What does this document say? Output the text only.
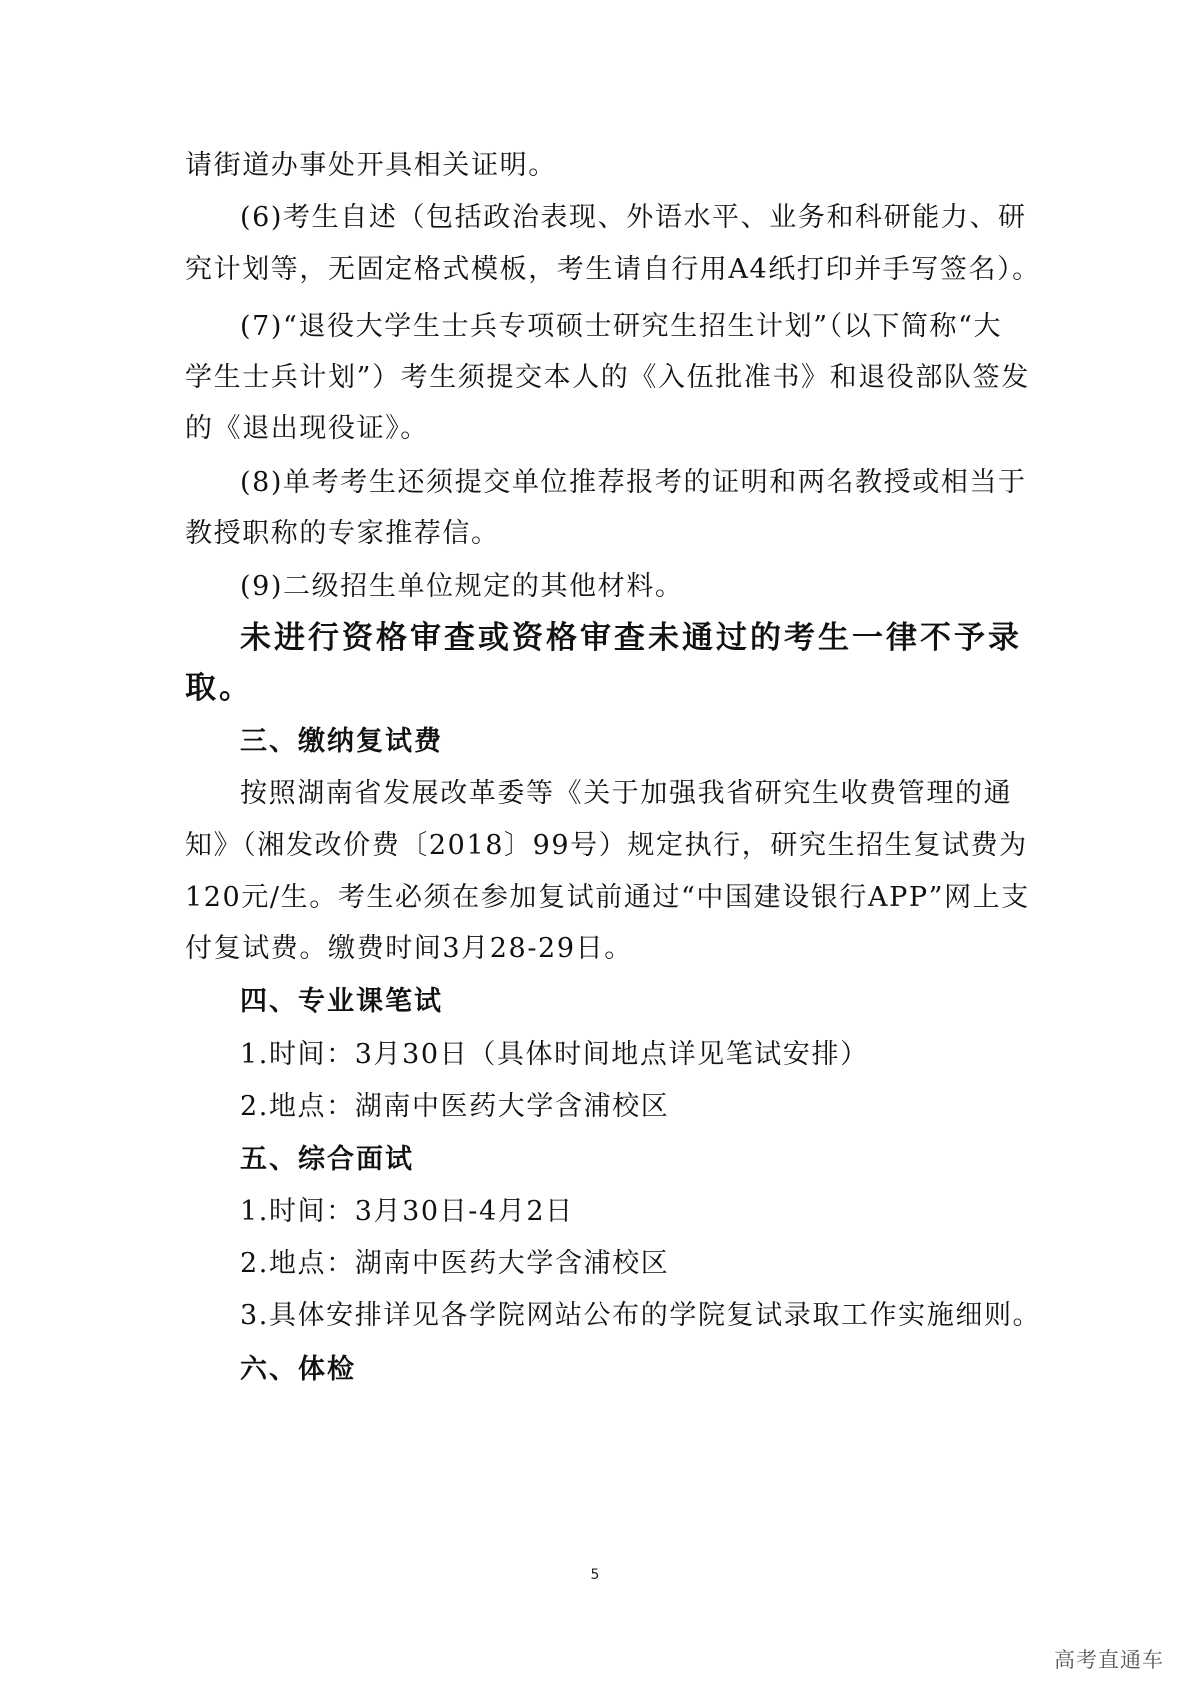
请街道办事处开具相关证明。
(6)考生自述（包括政治表现、外语水平、业务和科研能力、研
究计划等，无固定格式模板，考生请自行用A4纸打印并手写签名）。
(7)“退役大学生士兵专项硕士研究生招生计划”（以下简称“大
学生士兵计划”）考生须提交本人的《入伍批准书》和退役部队签发
的《退出现役证》。
(8)单考考生还须提交单位推荐报考的证明和两名教授或相当于
教授职称的专家推荐信。
(9)二级招生单位规定的其他材料。
未进行资格审查或资格审查未通过的考生一律不予录
取。
三、缴纳复试费
按照湖南省发展改革委等《关于加强我省研究生收费管理的通
知》（湘发改价费〔2018〕99号）规定执行，研究生招生复试费为
120元/生。考生必须在参加复试前通过“中国建设银行APP”网上支
付复试费。缴费时间3月28-29日。
四、专业课笔试
1.时间：3月30日（具体时间地点详见笔试安排）
2.地点：湖南中医药大学含浦校区
五、综合面试
1.时间：3月30日-4月2日
2.地点：湖南中医药大学含浦校区
3.具体安排详见各学院网站公布的学院复试录取工作实施细则。
六、体检
5
高考直通车
